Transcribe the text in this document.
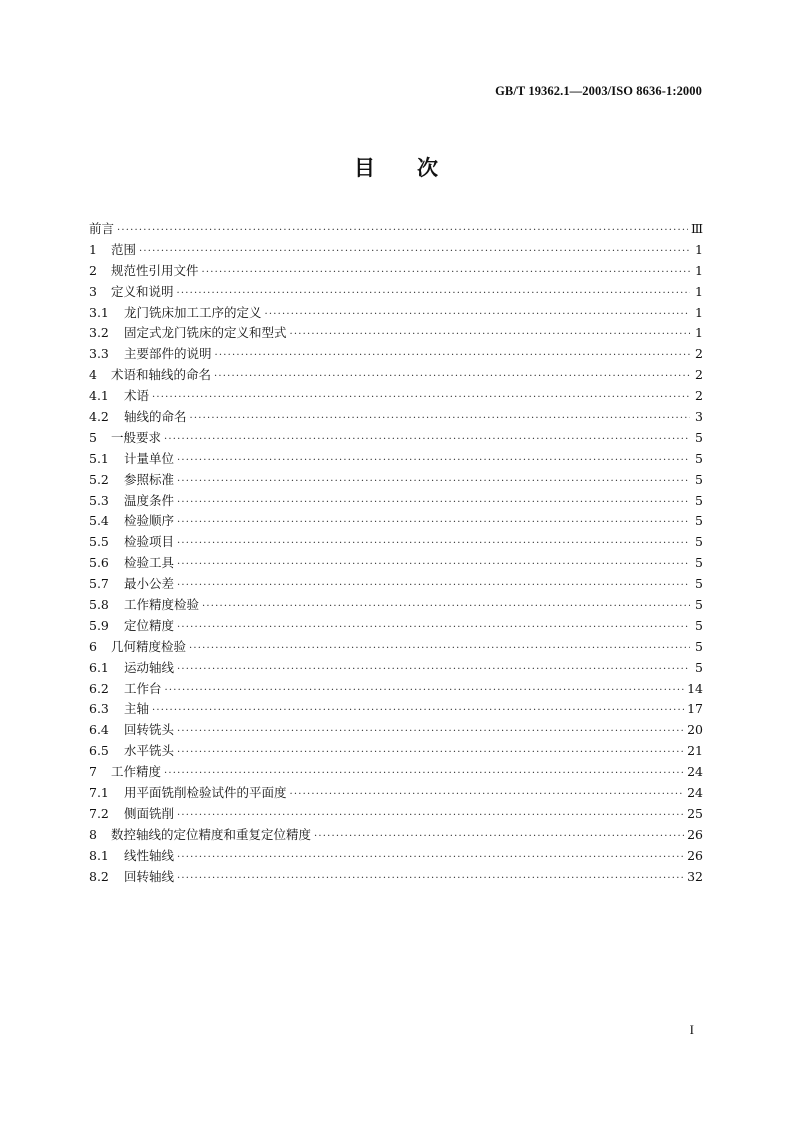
GB/T 19362.1—2003/ISO 8636-1:2000
目 次
前言 ·····	Ⅲ
1	范围 ·····	1
2	规范性引用文件 ·····	1
3	定义和说明 ·····	1
3.1	龙门铣床加工工序的定义 ·····	1
3.2	固定式龙门铣床的定义和型式 ·····	1
3.3	主要部件的说明 ·····	2
4	术语和轴线的命名 ·····	2
4.1	术语 ·····	2
4.2	轴线的命名 ·····	3
5	一般要求 ·····	5
5.1	计量单位 ·····	5
5.2	参照标准 ·····	5
5.3	温度条件 ·····	5
5.4	检验顺序 ·····	5
5.5	检验项目 ·····	5
5.6	检验工具 ·····	5
5.7	最小公差 ·····	5
5.8	工作精度检验 ·····	5
5.9	定位精度 ·····	5
6	几何精度检验 ·····	5
6.1	运动轴线 ·····	5
6.2	工作台 ·····	14
6.3	主轴 ·····	17
6.4	回转铣头 ·····	20
6.5	水平铣头 ·····	21
7	工作精度 ·····	24
7.1	用平面铣削检验试件的平面度 ·····	24
7.2	侧面铣削 ·····	25
8	数控轴线的定位精度和重复定位精度 ·····	26
8.1	线性轴线 ·····	26
8.2	回转轴线 ·····	32
I
